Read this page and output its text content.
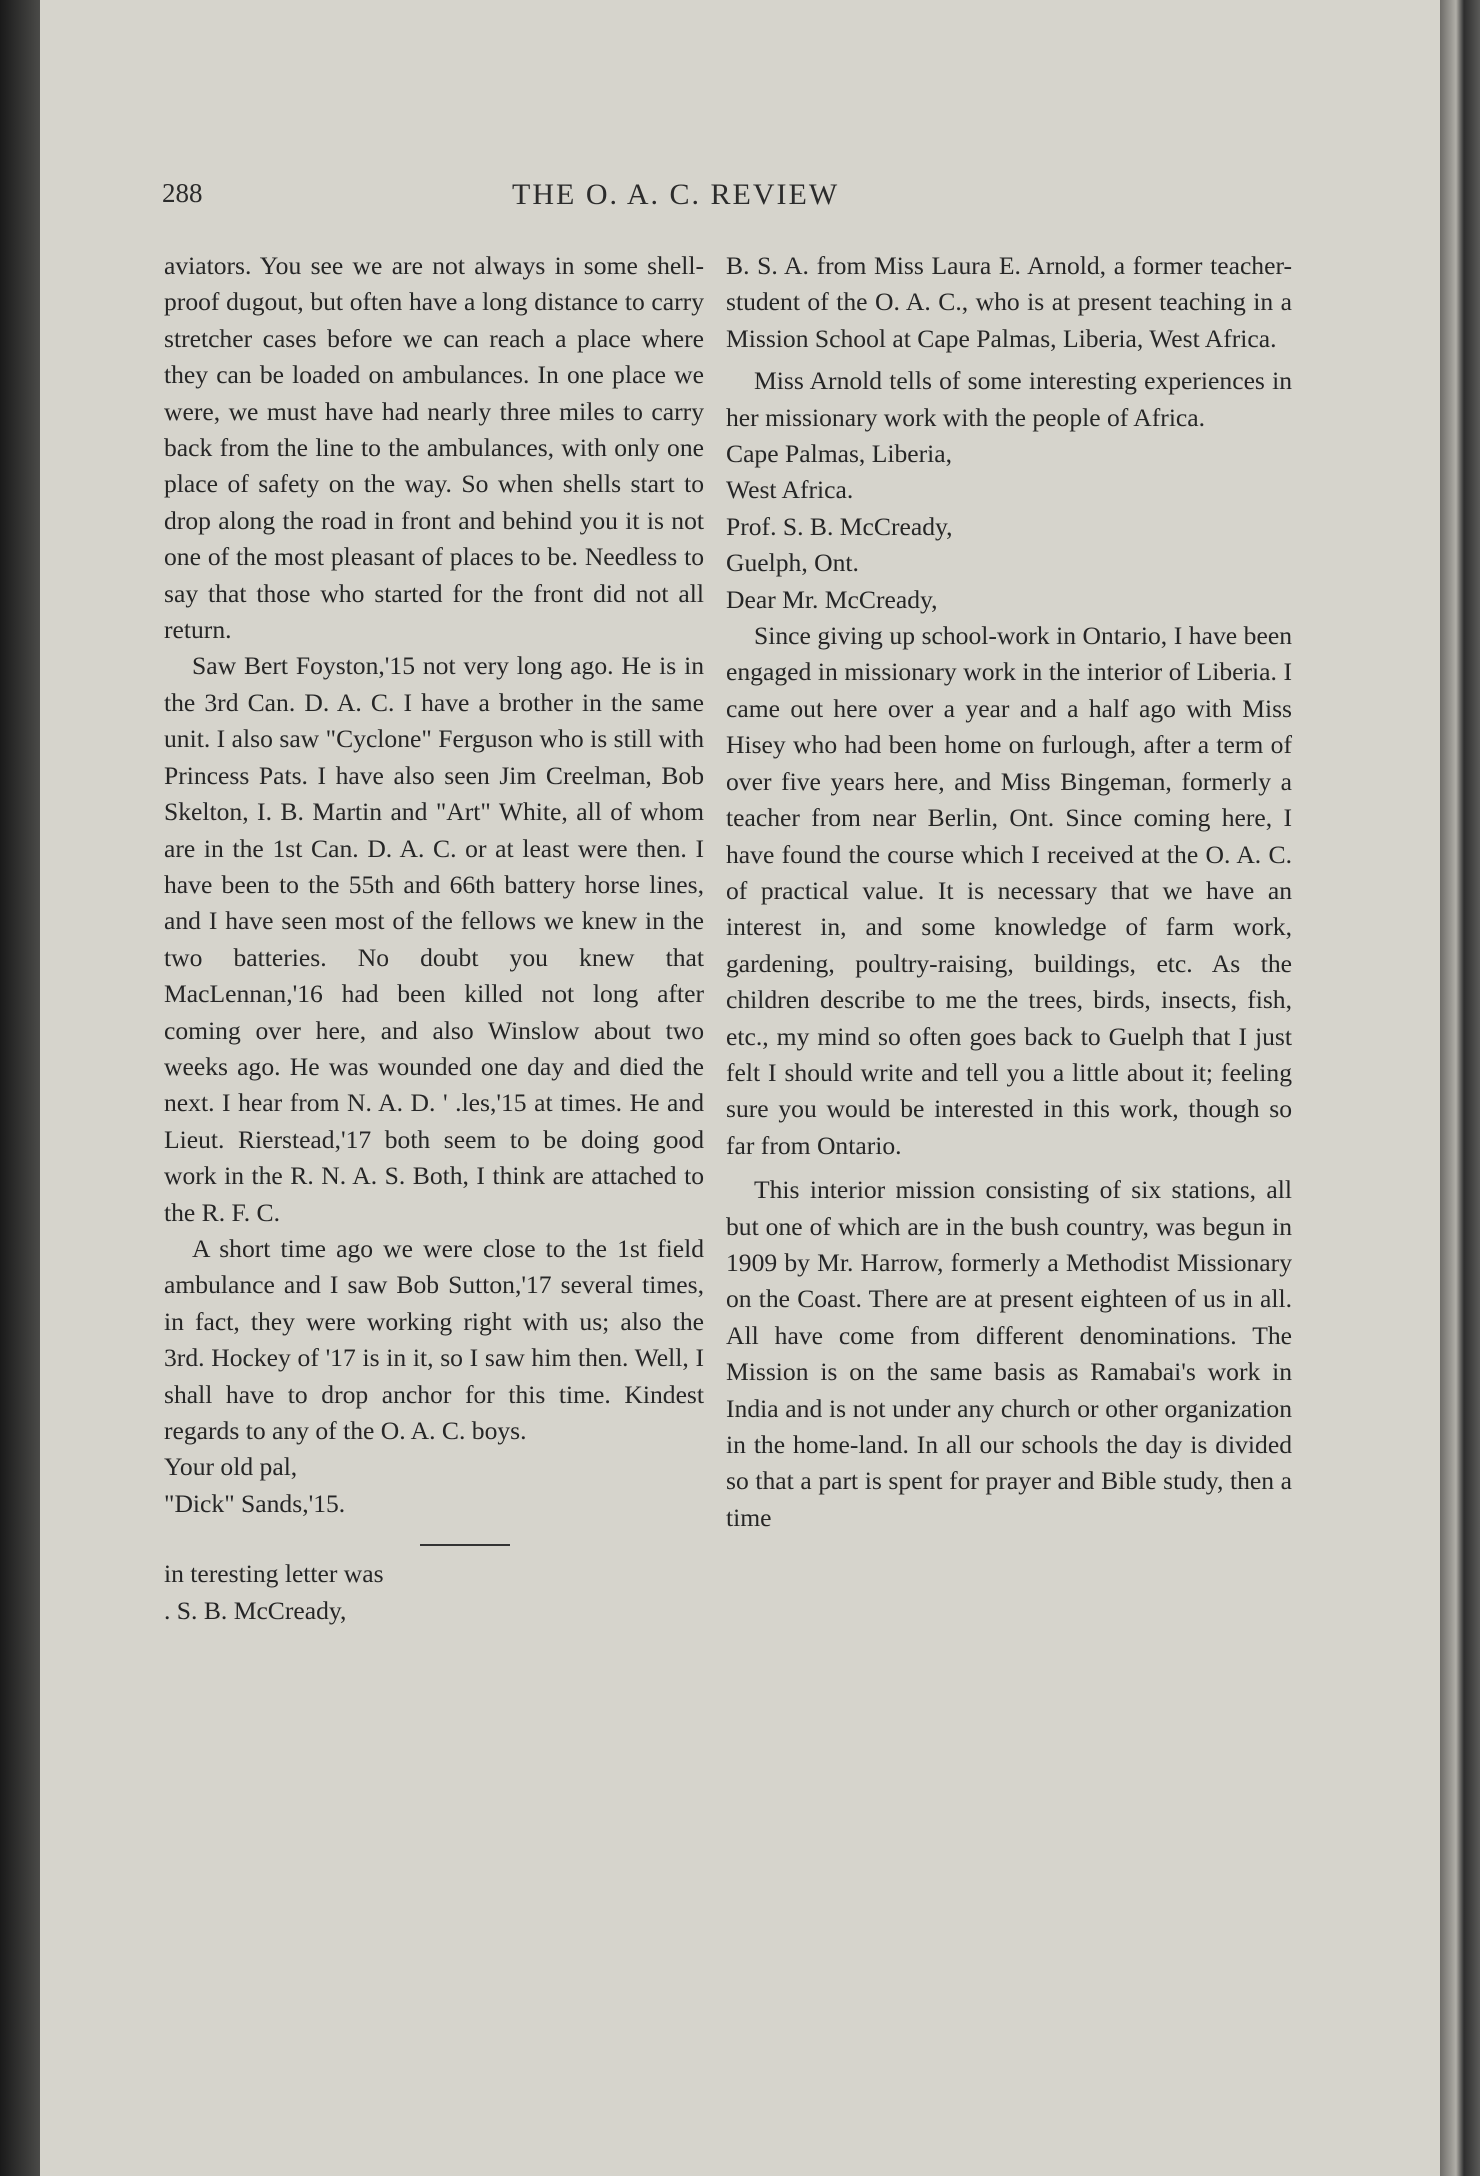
288	THE O. A. C. REVIEW

aviators. You see we are not always in some shell-proof dugout, but often have a long distance to carry stretcher cases before we can reach a place where they can be loaded on ambulances. In one place we were, we must have had nearly three miles to carry back from the line to the ambulances, with only one place of safety on the way. So when shells start to drop along the road in front and behind you it is not one of the most pleasant of places to be. Needless to say that those who started for the front did not all return.

Saw Bert Foyston,'15 not very long ago. He is in the 3rd Can. D. A. C. I have a brother in the same unit. I also saw "Cyclone" Ferguson who is still with Princess Pats. I have also seen Jim Creelman, Bob Skelton, I. B. Martin and "Art" White, all of whom are in the 1st Can. D. A. C. or at least were then. I have been to the 55th and 66th battery horse lines, and I have seen most of the fellows we knew in the two batteries. No doubt you knew that MacLennan,'16 had been killed not long after coming over here, and also Winslow about two weeks ago. He was wounded one day and died the next. I hear from N. A. D. ' .les,'15 at times. He and Lieut. Rierstead,'17 both seem to be doing good work in the R. N. A. S. Both, I think are attached to the R. F. C.

A short time ago we were close to the 1st field ambulance and I saw Bob Sutton,'17 several times, in fact, they were working right with us; also the 3rd. Hockey of '17 is in it, so I saw him then. Well, I shall have to drop anchor for this time. Kindest regards to any of the O. A. C. boys.

Your old pal,

"Dick" Sands,'15.

in teresting letter was

. S. B. McCready,

B. S. A. from Miss Laura E. Arnold, a former teacher-student of the O. A. C., who is at present teaching in a Mission School at Cape Palmas, Liberia, West Africa.

Miss Arnold tells of some interesting experiences in her missionary work with the people of Africa.

Cape Palmas, Liberia,

West Africa.

Prof. S. B. McCready,

Guelph, Ont.

Dear Mr. McCready,

Since giving up school-work in Ontario, I have been engaged in missionary work in the interior of Liberia. I came out here over a year and a half ago with Miss Hisey who had been home on furlough, after a term of over five years here, and Miss Bingeman, formerly a teacher from near Berlin, Ont. Since coming here, I have found the course which I received at the O. A. C. of practical value. It is necessary that we have an interest in, and some knowledge of farm work, gardening, poultry-raising, buildings, etc. As the children describe to me the trees, birds, insects, fish, etc., my mind so often goes back to Guelph that I just felt I should write and tell you a little about it; feeling sure you would be interested in this work, though so far from Ontario.

This interior mission consisting of six stations, all but one of which are in the bush country, was begun in 1909 by Mr. Harrow, formerly a Methodist Missionary on the Coast. There are at present eighteen of us in all. All have come from different denominations. The Mission is on the same basis as Ramabai's work in India and is not under any church or other organization in the home-land. In all our schools the day is divided so that a part is spent for prayer and Bible study, then a time
